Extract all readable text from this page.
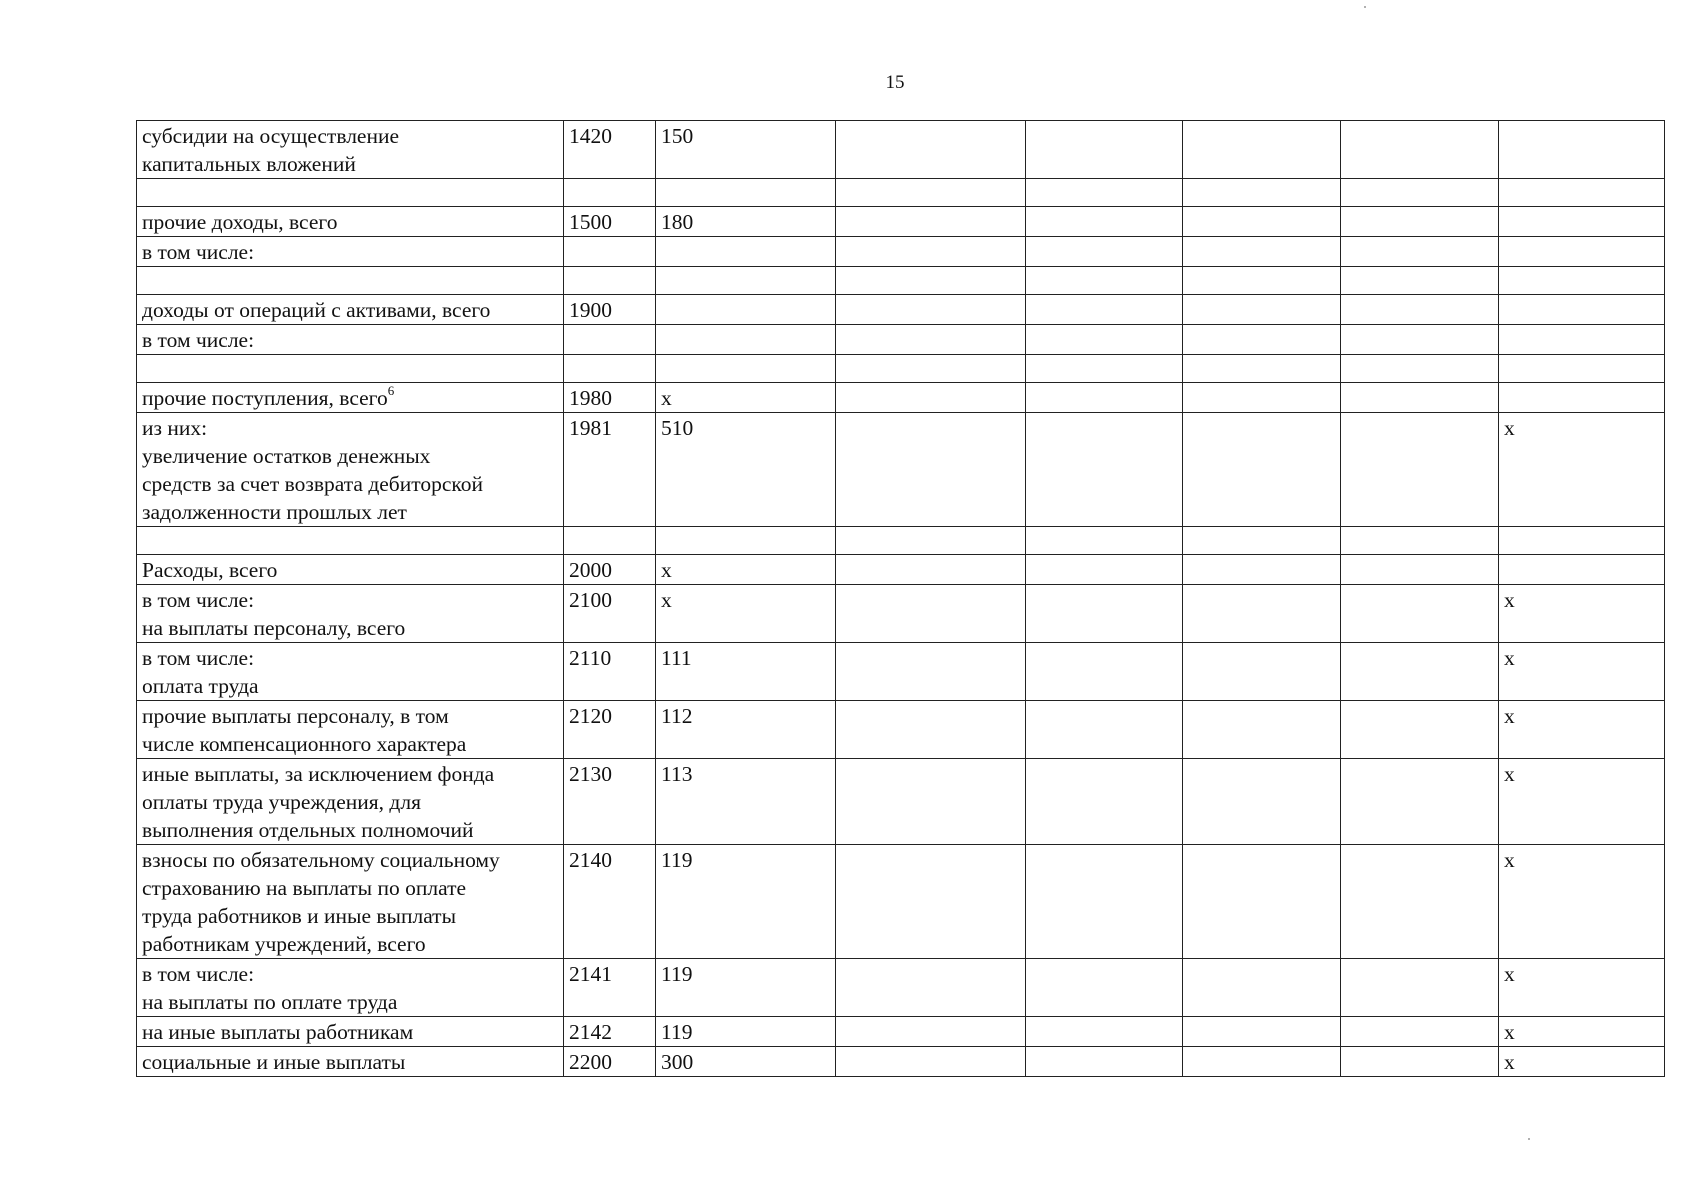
15
субсидии на осуществление
капитальных вложений	1420	150					

прочие доходы, всего	1500	180					

в том числе:							

доходы от операций с активами, всего	1900						

в том числе:							

прочие поступления, всего$^6$	1980	х					

из них:
увеличение остатков денежных
средств за счет возврата дебиторской
задолженности прошлых лет	1981	510					х

Расходы, всего	2000	х					

в том числе:
на выплаты персоналу, всего	2100	х					х

в том числе:
оплата труда	2110	111					х

прочие выплаты персоналу, в том
числе компенсационного характера	2120	112					х

иные выплаты, за исключением фонда
оплаты труда учреждения, для
выполнения отдельных полномочий	2130	113					х

взносы по обязательному социальному
страхованию на выплаты по оплате
труда работников и иные выплаты
работникам учреждений, всего	2140	119					х

в том числе:
на выплаты по оплате труда	2141	119					х

на иные выплаты работникам	2142	119					х

социальные и иные выплаты	2200	300					х
